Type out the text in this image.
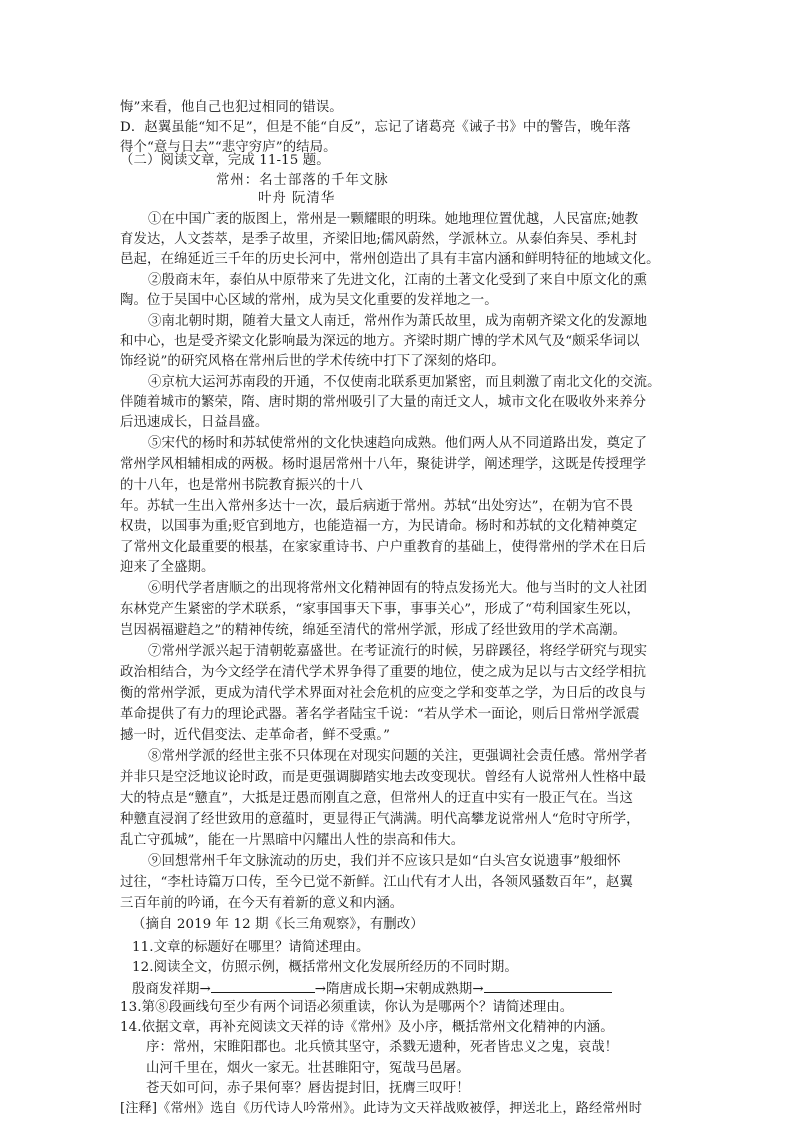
悔”来看，他自己也犯过相同的错误。
D．赵翼虽能“知不足”，但是不能“自反”，忘记了诸葛亮《诫子书》中的警告，晚年落
得个“意与日去”“悲守穷庐”的结局。
（二）阅读文章，完成 11-15 题。
常州：名士部落的千年文脉
叶舟 阮清华
①在中国广袤的版图上，常州是一颗耀眼的明珠。她地理位置优越，人民富庶;她教
育发达，人文荟萃，是季子故里，齐梁旧地;儒风蔚然，学派林立。从泰伯奔吴、季札封
邑起，在绵延近三千年的历史长河中，常州创造出了具有丰富内涵和鲜明特征的地域文化。
②殷商末年，泰伯从中原带来了先进文化，江南的土著文化受到了来自中原文化的熏
陶。位于吴国中心区域的常州，成为吴文化重要的发祥地之一。
③南北朝时期，随着大量文人南迁，常州作为萧氏故里，成为南朝齐梁文化的发源地
和中心，也是受齐梁文化影响最为深远的地方。齐梁时期广博的学术风气及“颇采华词以
饰经说”的研究风格在常州后世的学术传统中打下了深刻的烙印。
④京杭大运河苏南段的开通，不仅使南北联系更加紧密，而且刺激了南北文化的交流。
伴随着城市的繁荣，隋、唐时期的常州吸引了大量的南迁文人，城市文化在吸收外来养分
后迅速成长，日益昌盛。
⑤宋代的杨时和苏轼使常州的文化快速趋向成熟。他们两人从不同道路出发，奠定了
常州学风相辅相成的两极。杨时退居常州十八年，聚徒讲学，阐述理学，这既是传授理学
的十八年，也是常州书院教育振兴的十八
年。苏轼一生出入常州多达十一次，最后病逝于常州。苏轼“出处穷达”，在朝为官不畏
权贵，以国事为重;贬官到地方，也能造福一方，为民请命。杨时和苏轼的文化精神奠定
了常州文化最重要的根基，在家家重诗书、户户重教育的基础上，使得常州的学术在日后
迎来了全盛期。
⑥明代学者唐顺之的出现将常州文化精神固有的特点发扬光大。他与当时的文人社团
东林党产生紧密的学术联系，“家事国事天下事，事事关心”，形成了“苟利国家生死以，
岂因祸福避趋之”的精神传统，绵延至清代的常州学派，形成了经世致用的学术高潮。
⑦常州学派兴起于清朝乾嘉盛世。在考证流行的时候，另辟蹊径，将经学研究与现实
政治相结合，为今文经学在清代学术界争得了重要的地位，使之成为足以与古文经学相抗
衡的常州学派，更成为清代学术界面对社会危机的应变之学和变革之学，为日后的改良与
革命提供了有力的理论武器。著名学者陆宝千说：“若从学术一面论，则后日常州学派震
撼一时，近代倡变法、走革命者，鲜不受熏。”
⑧常州学派的经世主张不只体现在对现实问题的关注，更强调社会责任感。常州学者
并非只是空泛地议论时政，而是更强调脚踏实地去改变现状。曾经有人说常州人性格中最
大的特点是“戆直”，大抵是迂愚而刚直之意，但常州人的迂直中实有一股正气在。当这
种戆直浸润了经世致用的意蕴时，更显得正气满满。明代高攀龙说常州人“危时守所学，
乱亡守孤城”，能在一片黑暗中闪耀出人性的崇高和伟大。
⑨回想常州千年文脉流动的历史，我们并不应该只是如“白头宫女说遗事”般细怀
过往，“李杜诗篇万口传，至今已觉不新鲜。江山代有才人出，各领风骚数百年”，赵翼
三百年前的吟诵，在今天有着新的意义和内涵。
（摘自 2019 年 12 期《长三角观察》，有删改）
11.文章的标题好在哪里？请简述理由。
12.阅读全文，仿照示例，概括常州文化发展所经历的不同时期。
殷商发祥期→	→隋唐成长期→宋朝成熟期→
13.第⑧段画线句至少有两个词语必须重读，你认为是哪两个？请简述理由。
14.依据文章，再补充阅读文天祥的诗《常州》及小序，概括常州文化精神的内涵。
序：常州，宋睢阳郡也。北兵愤其坚守，杀戮无遗种，死者皆忠义之鬼，哀哉！
山河千里在，烟火一家无。壮甚睢阳守，冤哉马邑屠。
苍天如可问，赤子果何辜？唇齿提封旧，抚膺三叹吁！
[注释]《常州》选自《历代诗人吟常州》。此诗为文天祥战败被俘，押送北上，路经常州时
